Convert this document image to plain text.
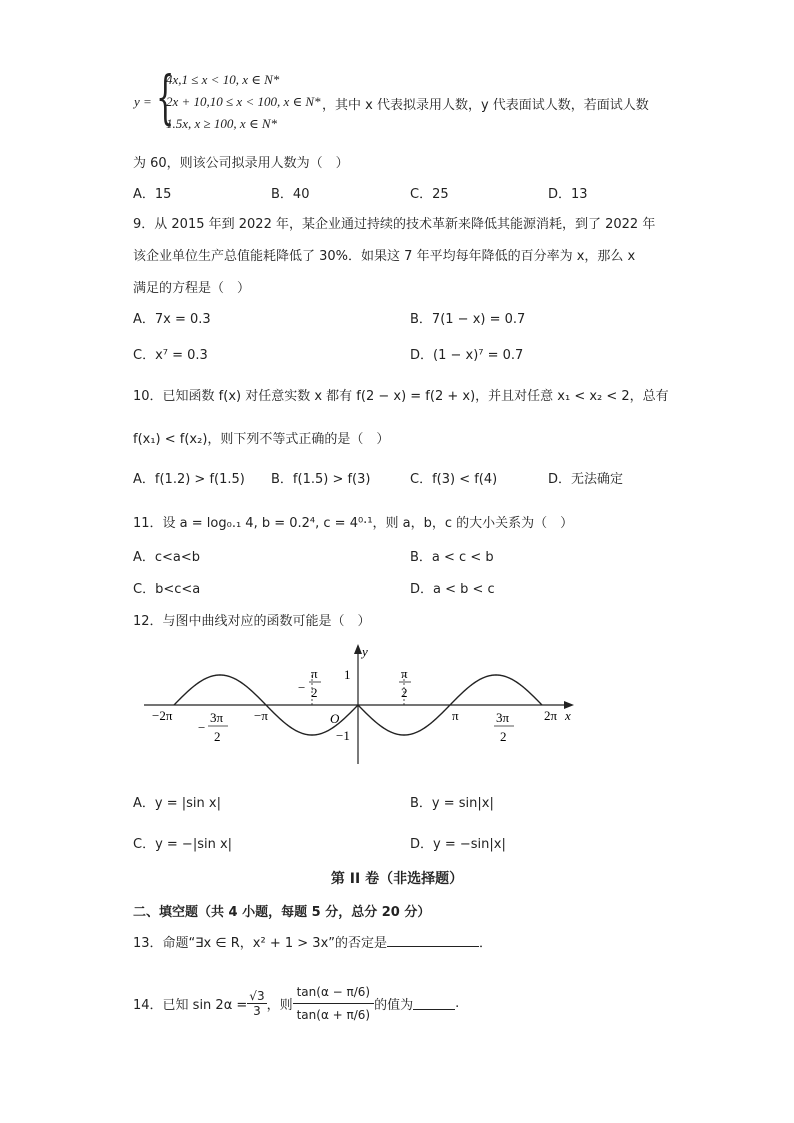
y = {
4x,1 ≤ x < 10, x ∈ N*
2x + 10,10 ≤ x < 100, x ∈ N*
1.5x, x ≥ 100, x ∈ N*
，其中 x 代表拟录用人数，y 代表面试人数，若面试人数
为 60，则该公司拟录用人数为（　）
A．15	B．40	C．25	D．13
9．从 2015 年到 2022 年，某企业通过持续的技术革新来降低其能源消耗，到了 2022 年
该企业单位生产总值能耗降低了 30%．如果这 7 年平均每年降低的百分率为 x，那么 x
满足的方程是（　）
A．7x = 0.3	B．7(1 − x) = 0.7
C．x⁷ = 0.3	D．(1 − x)⁷ = 0.7
10．已知函数 f(x) 对任意实数 x 都有 f(2 − x) = f(2 + x)，并且对任意 x₁ < x₂ < 2，总有
f(x₁) < f(x₂)，则下列不等式正确的是（　）
A．f(1.2) > f(1.5) B．f(1.5) > f(3)	C．f(3) < f(4)	D．无法确定
11．设 a = log₀.₁ 4, b = 0.2⁴, c = 4⁰·¹，则 a，b，c 的大小关系为（　）
A．c<a<b	B．a < c < b
C．b<c<a	D．a < b < c
12．与图中曲线对应的函数可能是（　）
y
x
O
1
−1
−2π	−π	π	2π
−
π
2
π
2
−
3π
2
3π
2
A．y = |sin x|	B．y = sin|x|
C．y = −|sin x|	D．y = −sin|x|
第 II 卷（非选择题）
二、填空题（共 4 小题，每题 5 分，总分 20 分）
13．命题“∃x ∈ R，x² + 1 > 3x”的否定是	．
14．已知 $\sin 2\alpha = \frac{√3}{3}$ ，则 $\frac{\tan(\alpha - \pi/6)}{\tan(\alpha + \pi/6)}$ 的值为	.
